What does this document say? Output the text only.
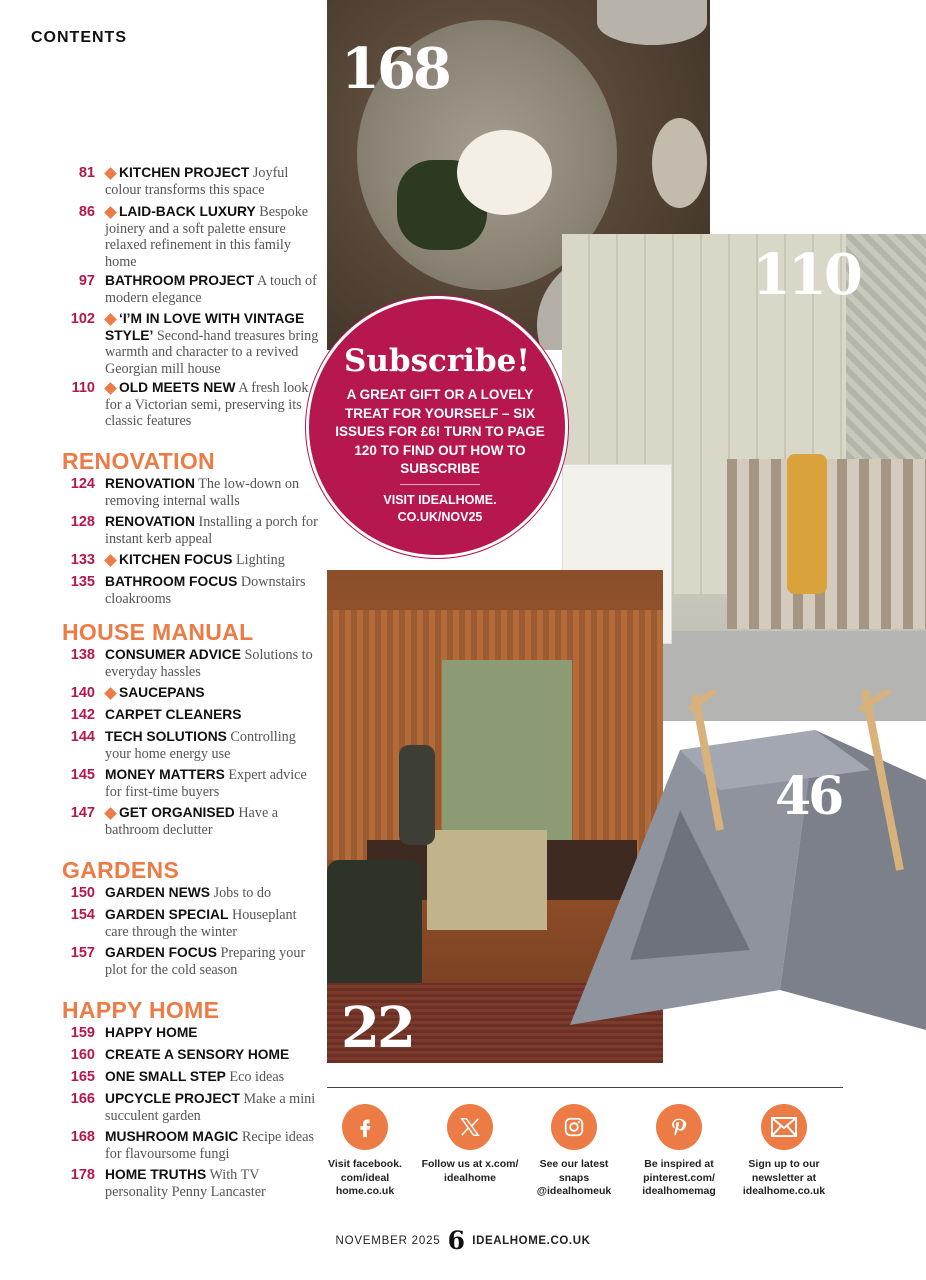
CONTENTS
81	KITCHEN PROJECT Joyful colour transforms this space
86	LAID-BACK LUXURY Bespoke joinery and a soft palette ensure relaxed refinement in this family home
97 BATHROOM PROJECT A touch of modern elegance
102	‘I’M IN LOVE WITH VINTAGE STYLE’ Second-hand treasures bring warmth and character to a revived Georgian mill house
110	OLD MEETS NEW A fresh look for a Victorian semi, preserving its classic features
RENOVATION
124 RENOVATION The low-down on removing internal walls
128 RENOVATION Installing a porch for instant kerb appeal
133	KITCHEN FOCUS Lighting
135 BATHROOM FOCUS Downstairs cloakrooms
HOUSE MANUAL
138 CONSUMER ADVICE Solutions to everyday hassles
140	SAUCEPANS
142 CARPET CLEANERS
144 TECH SOLUTIONS Controlling your home energy use
145 MONEY MATTERS Expert advice for first-time buyers
147	GET ORGANISED Have a bathroom declutter
GARDENS
150 GARDEN NEWS Jobs to do
154 GARDEN SPECIAL Houseplant care through the winter
157 GARDEN FOCUS Preparing your plot for the cold season
HAPPY HOME
159 HAPPY HOME
160 CREATE A SENSORY HOME
165 ONE SMALL STEP Eco ideas
166 UPCYCLE PROJECT Make a mini succulent garden
168 MUSHROOM MAGIC Recipe ideas for flavoursome fungi
178 HOME TRUTHS With TV personality Penny Lancaster
168
110
22
46
Subscribe!
A GREAT GIFT OR A LOVELY TREAT FOR YOURSELF – SIX ISSUES FOR £6! TURN TO PAGE 120 TO FIND OUT HOW TO SUBSCRIBE
VISIT IDEALHOME. CO.UK/NOV25
Visit facebook. com/ideal home.co.uk
Follow us at x.com/ idealhome
See our latest snaps @idealhomeuk
Be inspired at pinterest.com/ idealhomemag
Sign up to our newsletter at idealhome.co.uk
NOVEMBER 2025 6 IDEALHOME.CO.UK
